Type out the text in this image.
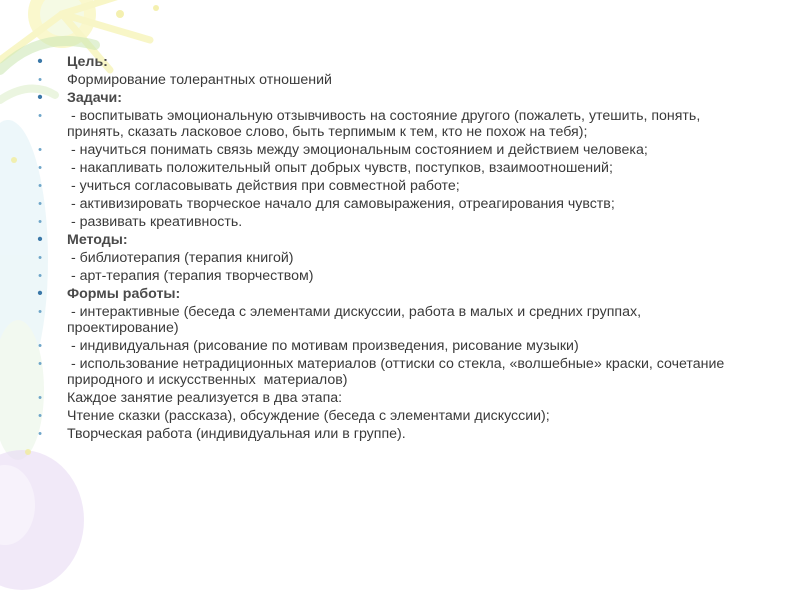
•	Цель:
•	Формирование толерантных отношений
•	Задачи:
•	- воспитывать эмоциональную отзывчивость на состояние другого (пожалеть, утешить, понять, принять, сказать ласковое слово, быть терпимым к тем, кто не похож на тебя);
•	- научиться понимать связь между эмоциональным состоянием и действием человека;
•	- накапливать положительный опыт добрых чувств, поступков, взаимоотношений;
•	- учиться согласовывать действия при совместной работе;
•	- активизировать творческое начало для самовыражения, отреагирования чувств;
•	- развивать креативность.
•	Методы:
•	- библиотерапия (терапия книгой)
•	- арт-терапия (терапия творчеством)
•	Формы работы:
•	- интерактивные (беседа с элементами дискуссии, работа в малых и средних группах, проектирование)
•	- индивидуальная (рисование по мотивам произведения, рисование музыки)
•	- использование нетрадиционных материалов (оттиски со стекла, «волшебные» краски, сочетание природного и искусственных  материалов)
•	Каждое занятие реализуется в два этапа:
•	Чтение сказки (рассказа), обсуждение (беседа с элементами дискуссии);
•	Творческая работа (индивидуальная или в группе).
